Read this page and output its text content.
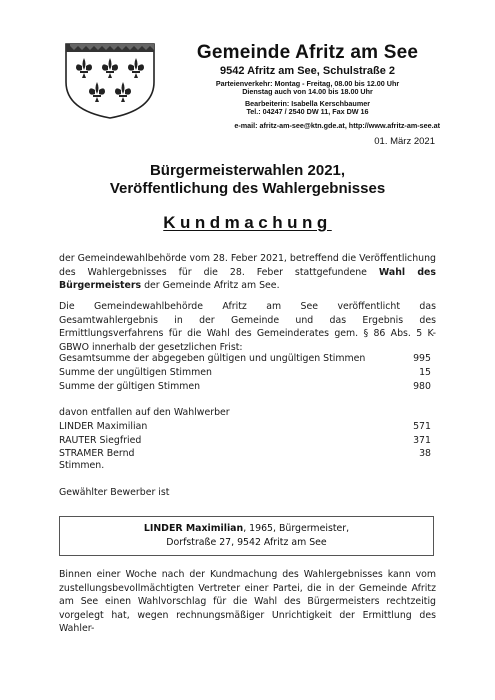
Gemeinde Afritz am See
9542 Afritz am See, Schulstraße 2
Parteienverkehr: Montag - Freitag, 08.00 bis 12.00 Uhr
Dienstag auch von 14.00 bis 18.00 Uhr
Bearbeiterin: Isabella Kerschbaumer
Tel.: 04247 / 2540 DW 11, Fax DW 16
e-mail: afritz-am-see@ktn.gde.at, http://www.afritz-am-see.at
01. März 2021
Bürgermeisterwahlen 2021,
Veröffentlichung des Wahlergebnisses
Kundmachung
der Gemeindewahlbehörde vom 28. Feber 2021, betreffend die Veröffentlichung des Wahlergebnisses für die 28. Feber stattgefundene Wahl des Bürgermeisters der Gemeinde Afritz am See.
Die Gemeindewahlbehörde Afritz am See veröffentlicht das Gesamtwahlergebnis in der Gemeinde und das Ergebnis des Ermittlungsverfahrens für die Wahl des Gemeinderates gem. § 86 Abs. 5 K-GBWO innerhalb der gesetzlichen Frist:
Gesamtsumme der abgegeben gültigen und ungültigen Stimmen	995
Summe der ungültigen Stimmen	15
Summe der gültigen Stimmen	980
davon entfallen auf den Wahlwerber
LINDER Maximilian	571
RAUTER Siegfried	371
STRAMER Bernd	38
Stimmen.
Gewählter Bewerber ist
LINDER Maximilian, 1965, Bürgermeister,
Dorfstraße 27, 9542 Afritz am See
Binnen einer Woche nach der Kundmachung des Wahlergebnisses kann vom zustellungsbevollmächtigten Vertreter einer Partei, die in der Gemeinde Afritz am See einen Wahlvorschlag für die Wahl des Bürgermeisters rechtzeitig vorgelegt hat, wegen rechnungsmäßiger Unrichtigkeit der Ermittlung des Wahler-
